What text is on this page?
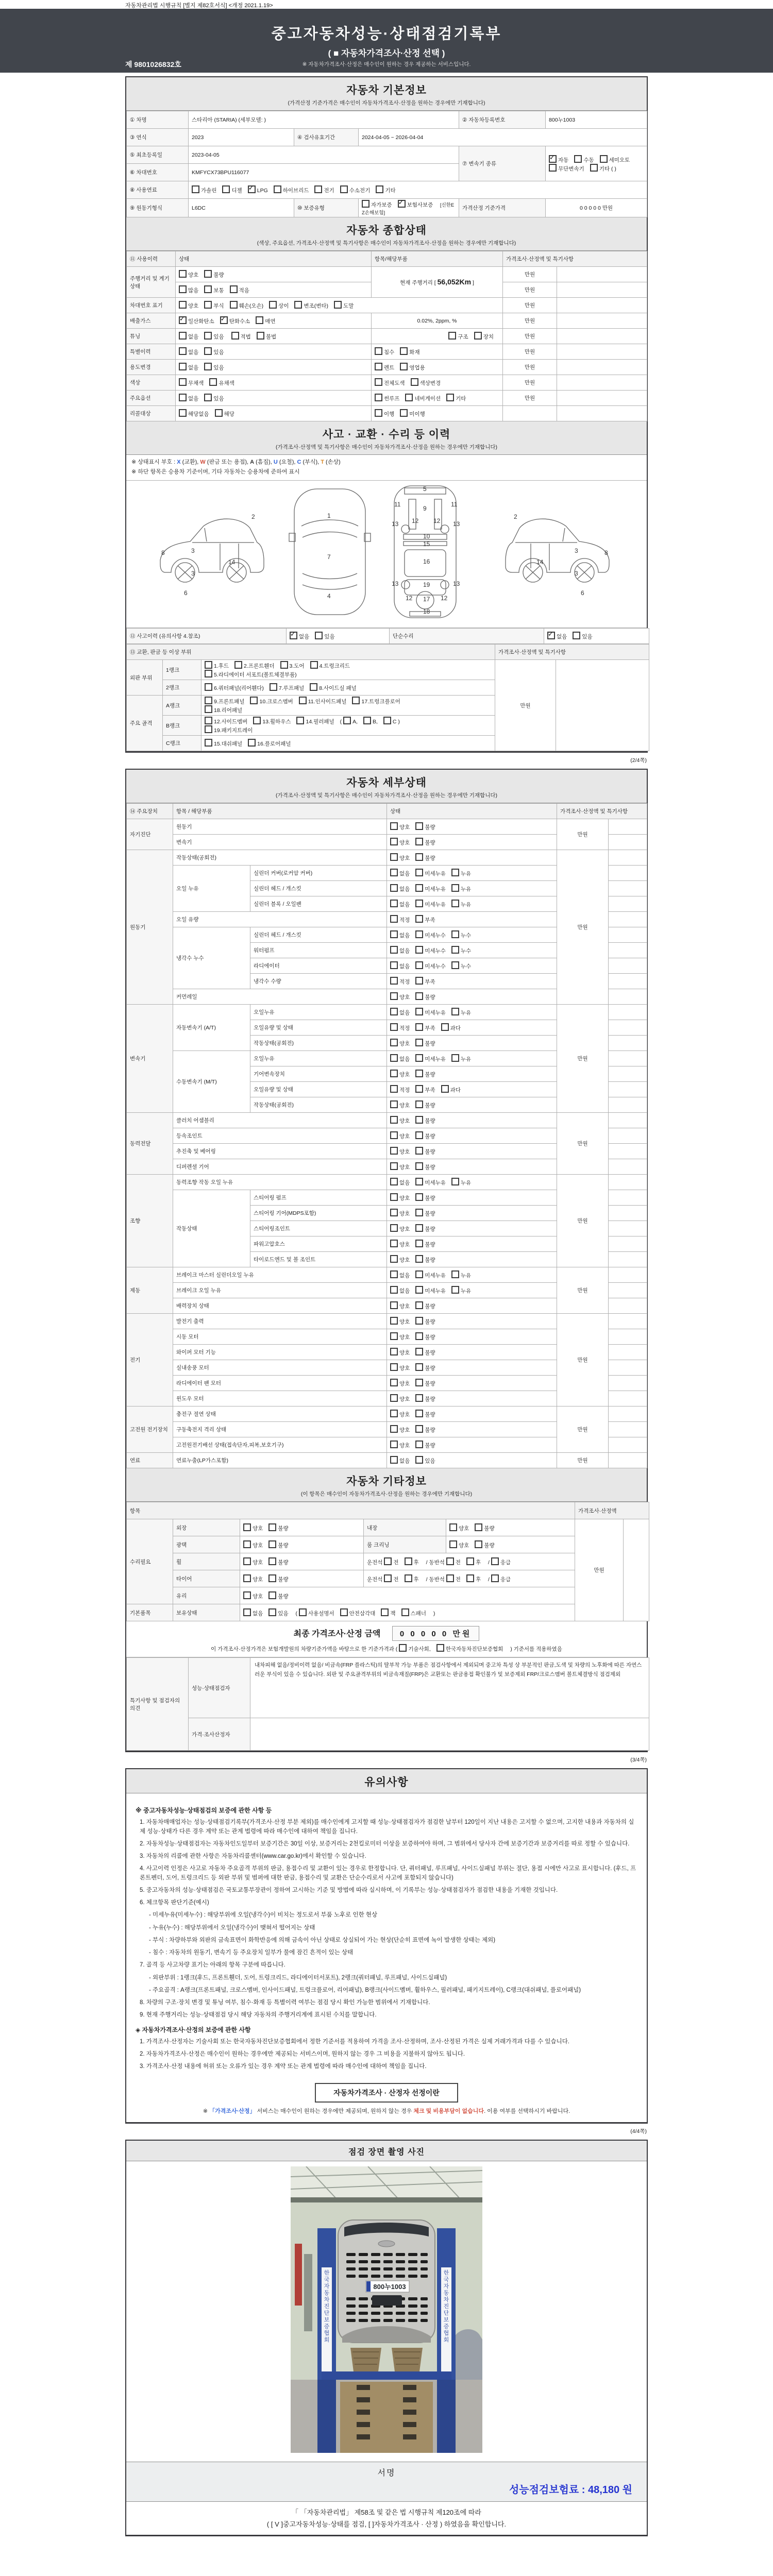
자동차관리법 시행규칙 [별지 제82호서식] <개정 2021.1.19>
중고자동차성능·상태점검기록부
( ■ 자동차가격조사·산정 선택 )
※ 자동차가격조사·산정은 매수인이 원하는 경우 제공하는 서비스입니다.
제 9801026832호
자동차 기본정보
(가격산정 기준가격은 매수인이 자동차가격조사·산정을 원하는 경우에만 기재합니다)
① 차명	스타리아 (STARIA) (세부모델: )			② 자동차등록번호	800누1003
③ 연식	2023	④ 검사유효기간	2024-04-05 ~ 2026-04-04		
⑤ 최초등록일	2023-04-05			⑦ 변속기 종류	
✓자동 수동 세미오토
무단변속기 기타 ( )

⑥ 차대번호	KMFYCX73BPU116077				
⑧ 사용연료	가솔린 디젤 ✓ LPG 하이브리드 전기 수소전기 기타
⑨ 원동기형식	L6DC	⑩ 보증유형	자가보증 ✓ 보험사보증 [신한EZ손해보험]	가격산정 기준가격	0 0 0 0 0 만원
자동차 종합상태
(색상, 주요옵션, 가격조사·산정액 및 특기사항은 매수인이 자동차가격조사·산정을 원하는 경우에만 기재합니다)
⑪ 사용이력	상태	항목/해당부품	가격조사·산정액 및 특기사항	
주행거리 및 계기상태	양호 불량	현재 주행거리 [ 56,052Km ]	만원	
	많음 보통 적음		만원	
차대번호 표기	양호 부식 훼손(오손) 상이 변조(변타) 도말		만원	
배출가스	✓일산화탄소 ✓ 탄화수소 매연	0.02%, 2ppm, %	만원	
튜닝	없음 있음 적법 불법	구조 장치	만원	
특별이력	없음 있음	침수 화재	만원	
용도변경	없음 있음	렌트 영업용	만원	
색상	무채색 유채색	전체도색 색상변경	만원	
주요옵션	없음 있음	썬루프 네비게이션 기타	만원	
리콜대상	해당없음 해당	이행 미이행		
사고 · 교환 · 수리 등 이력
(가격조사·산정액 및 특기사항은 매수인이 자동차가격조사·산정을 원하는 경우에만 기재합니다)
※ 상태표시 부호 : X (교환), W (판금 또는 용접), A (흠집), U (요철), C (부식), T (손상)
※ 하단 항목은 승용차 기준이며, 기타 자동차는 승용차에 준하여 표시
2
8	3
14
3
6
1
7
4
5
11	11
9
13	13
12 12
10
15
16
13	13
19
12	12
17
18
2
8
3
14
3
6
⑫ 사고이력 (유의사항 4.참조)	✓없음	있음	단순수리	✓없음	있음
⑬ 교환, 판금 등 이상 부위			가격조사·산정액 및 특기사항	
외판 부위	1랭크	1.후드 2.프론트휀더 3.도어 4.트렁크리드
5.라디에이터 서포트(볼트체결부품)	만원	
	2랭크	6.쿼터패널(리어휀다) 7.루프패널 8.사이드실 패널		
주요 골격	A랭크	9.프론트패널 10.크로스멤버 11.인사이드패널 17.트렁크플로어
18.리어패널		

	B랭크	12.사이드멤버 13.휠하우스 14.필러패널 ( A, B, C )
19.패키지트레이		

	C랭크	15.대쉬패널 16.플로어패널		
(2/4쪽)
자동차 세부상태
(가격조사·산정액 및 특기사항은 매수인이 자동차가격조사·산정을 원하는 경우에만 기재합니다)
⑭ 주요장치	항목 / 해당부품		상태	가격조사·산정액 및 특기사항	
자기진단	원동기		양호 불량	만원	
	변속기		양호 불량		
원동기	작동상태(공회전)		양호 불량	만원	
	오일 누유	실린더 커버(로커암 커버)	없음 미세누유 누유		
		실린더 헤드 / 개스킷	없음 미세누유 누유		
		실린더 블록 / 오일팬	없음 미세누유 누유		
	오일 유량		적정 부족		
	냉각수 누수	실린더 헤드 / 개스킷	없음 미세누수 누수		
		워터펌프	없음 미세누수 누수		
		라디에이터	없음 미세누수 누수		
		냉각수 수량	적정 부족		
	커먼레일		양호 불량		
변속기	자동변속기 (A/T)	오일누유	없음 미세누유 누유	만원	
		오일유량 및 상태	적정 부족 과다		
		작동상태(공회전)	양호 불량		
	수동변속기 (M/T)	오일누유	없음 미세누유 누유		
		기어변속장치	양호 불량		
		오일유량 및 상태	적정 부족 과다		
		작동상태(공회전)	양호 불량		
동력전달	클러치 어셈블리		양호 불량	만원	
	등속조인트		양호 불량		
	추진축 및 베어링		양호 불량		
	디퍼렌셜 기어		양호 불량		
조향	동력조향 작동 오일 누유		없음 미세누유 누유	만원	
	작동상태	스티어링 펌프	양호 불량		
		스티어링 기어(MDPS포함)	양호 불량		
		스티어링조인트	양호 불량		
		파워고압호스	양호 불량		
		타이로드엔드 및 볼 조인트	양호 불량		
제동	브레이크 마스터 실린더오일 누유		없음 미세누유 누유	만원	
	브레이크 오일 누유		없음 미세누유 누유		
	배력장치 상태		양호 불량		
전기	발전기 출력		양호 불량	만원	
	시동 모터		양호 불량		
	와이퍼 모터 기능		양호 불량		
	실내송풍 모터		양호 불량		
	라디에이터 팬 모터		양호 불량		
	윈도우 모터		양호 불량		
고전원 전기장치	충전구 절연 상태		양호 불량	만원	
	구동축전지 격리 상태		양호 불량		
	고전원전기배선 상태(접속단자,피복,보호기구)		양호 불량		
연료	연료누출(LP가스포함)		없음 있음	만원	
자동차 기타정보
(이 항목은 매수인이 자동차가격조사·산정을 원하는 경우에만 기재합니다)
항목					가격조사·산정액	
수리필요	외장	양호 불량	내장	양호 불량	만원	
	광택	양호 불량	룸 크리닝	양호 불량		
	휠	양호 불량	운전석 전 후 / 동반석 전 후 / 응급			
	타이어	양호 불량	운전석 전 후 / 동반석 전 후 / 응급			
	유리	양호 불량				
기본품목	보유상태	없음 있음 ( 사용설명서 안전삼각대 잭 스패너 )				
최종 가격조사·산정 금액 0 0 0 0 0 만원
이 가격조사·산정가격은 보험개발원의 차량기준가액을 바탕으로 한 기준가격과 ( 기술사회,	한국자동차진단보증협회 ) 기준서를 적용하였음
특기사항 및 점검자의 의견	성능·상태점검자	내차피해 없음/정비이력 없음/ 비금속(FRP 플라스틱)의 탈부착 가능 부품은 점검사항에서 제외되며 중고차 특성 상 부분적인 판금,도색 및 차량의 노후화에 따른 자연스러운 부식이 있을 수 있습니다. 외판 및 주요골격부위의 비금속재질(FRP)은 교환또는 판금용접 확인불가 및 보증제외 FRP/크로스멤버 볼트체결방식 점검제외
	가격·조사산정자	
(3/4쪽)
유의사항
※ 중고자동차성능·상태점검의 보증에 관한 사항 등
1. 자동차매매업자는 성능·상태점검기록부(가격조사·산정 부분 제외)를 매수인에게 고지할 때 성능·상태점검자가 점검한 날부터 120일이 지난 내용은 고지할 수 없으며, 고지한 내용과 자동차의 실제 성능·상태가 다른 경우 계약 또는 관계 법령에 따라 매수인에 대하여 책임을 집니다.
2. 자동차성능·상태점검자는 자동차인도일부터 보증기간은 30일 이상, 보증거리는 2천킬로미터 이상을 보증하여야 하며, 그 범위에서 당사자 간에 보증기간과 보증거리를 따로 정할 수 있습니다.
3. 자동차의 리콜에 관한 사항은 자동차리콜센터(www.car.go.kr)에서 확인할 수 있습니다.
4. 사고이력 인정은 사고로 자동차 주요골격 부위의 판금, 용접수리 및 교환이 있는 경우로 한정합니다. 단, 쿼터패널, 루프패널, 사이드실패널 부위는 절단, 용접 시에만 사고로 표시합니다. (후드, 프론트펜더, 도어, 트렁크리드 등 외판 부위 및 범퍼에 대한 판금, 용접수리 및 교환은 단순수리로서 사고에 포함되지 않습니다)
5. 중고자동차의 성능·상태점검은 국토교통부장관이 정하여 고시하는 기준 및 방법에 따라 실시하며, 이 기록부는 성능·상태점검자가 점검한 내용을 기재한 것입니다.
6. 체크항목 판단기준(예시)
- 미세누유(미세누수) : 해당부위에 오일(냉각수)이 비치는 정도로서 부품 노후로 인한 현상
- 누유(누수) : 해당부위에서 오일(냉각수)이 맺혀서 떨어지는 상태
- 부식 : 차량하부와 외판의 금속표면이 화학반응에 의해 금속이 아닌 상태로 상실되어 가는 현상(단순히 표면에 녹이 발생한 상태는 제외)
- 침수 : 자동차의 원동기, 변속기 등 주요장치 일부가 물에 잠긴 흔적이 있는 상태
7. 골격 등 사고차량 표기는 아래의 항목 구분에 따릅니다.
- 외판부위 : 1랭크(후드, 프론트휀더, 도어, 트렁크리드, 라디에이터서포트), 2랭크(쿼터패널, 루프패널, 사이드실패널)
- 주요골격 : A랭크(프론트패널, 크로스멤버, 인사이드패널, 트렁크플로어, 리어패널), B랭크(사이드멤버, 휠하우스, 필러패널, 패키지트레이), C랭크(대쉬패널, 플로어패널)
8. 차량의 구조·장치 변경 및 튜닝 여부, 침수·화재 등 특별이력 여부는 점검 당시 확인 가능한 범위에서 기재합니다.
9. 현재 주행거리는 성능·상태점검 당시 해당 자동차의 주행거리계에 표시된 수치를 말합니다.
◈ 자동차가격조사·산정의 보증에 관한 사항
1. 가격조사·산정자는 기술사회 또는 한국자동차진단보증협회에서 정한 기준서를 적용하여 가격을 조사·산정하며, 조사·산정된 가격은 실제 거래가격과 다를 수 있습니다.
2. 자동차가격조사·산정은 매수인이 원하는 경우에만 제공되는 서비스이며, 원하지 않는 경우 그 비용을 지불하지 않아도 됩니다.
3. 가격조사·산정 내용에 허위 또는 오류가 있는 경우 계약 또는 관계 법령에 따라 매수인에 대하여 책임을 집니다.
자동차가격조사 · 산정자 선정이란
※ 「가격조사·산정」 서비스는 매수인이 원하는 경우에만 제공되며, 원하지 않는 경우 체크 및 비용부담이 없습니다. 이용 여부를 선택하시기 바랍니다.
(4/4쪽)
점검 장면 촬영 사진
한 국 자 동 차 진 단 보 증 협 회
한 국 자 동 차 진 단 보 증 협 회
800누1003
서명
성능점검보험료 : 48,180 원
「 「자동차관리법」 제58조 및 같은 법 시행규칙 제120조에 따라
( [ V ]중고자동차성능·상태를 점검, [ ]자동차가격조사 · 산정 ) 하였음을 확인합니다.
